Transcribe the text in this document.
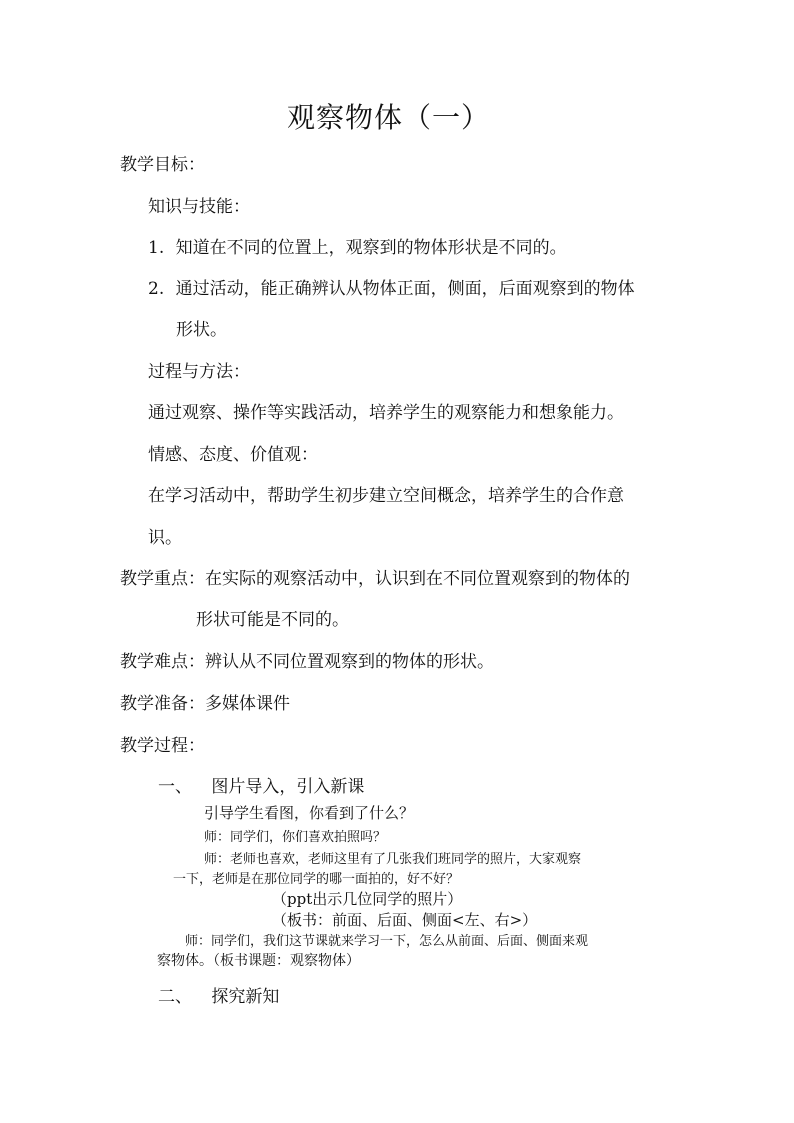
观察物体（一）
教学目标：
知识与技能：
1. 知道在不同的位置上，观察到的物体形状是不同的。
2. 通过活动，能正确辨认从物体正面，侧面，后面观察到的物体
形状。
过程与方法：
通过观察、操作等实践活动，培养学生的观察能力和想象能力。
情感、态度、价值观：
在学习活动中，帮助学生初步建立空间概念，培养学生的合作意
识。
教学重点：在实际的观察活动中，认识到在不同位置观察到的物体的
形状可能是不同的。
教学难点：辨认从不同位置观察到的物体的形状。
教学准备：多媒体课件
教学过程：
一、 图片导入，引入新课
引导学生看图，你看到了什么？
师：同学们，你们喜欢拍照吗？
师：老师也喜欢，老师这里有了几张我们班同学的照片，大家观察
一下，老师是在那位同学的哪一面拍的，好不好？
（ppt出示几位同学的照片）
（板书：前面、后面、侧面<左、右>）
师：同学们，我们这节课就来学习一下，怎么从前面、后面、侧面来观
察物体。（板书课题：观察物体）
二、 探究新知
